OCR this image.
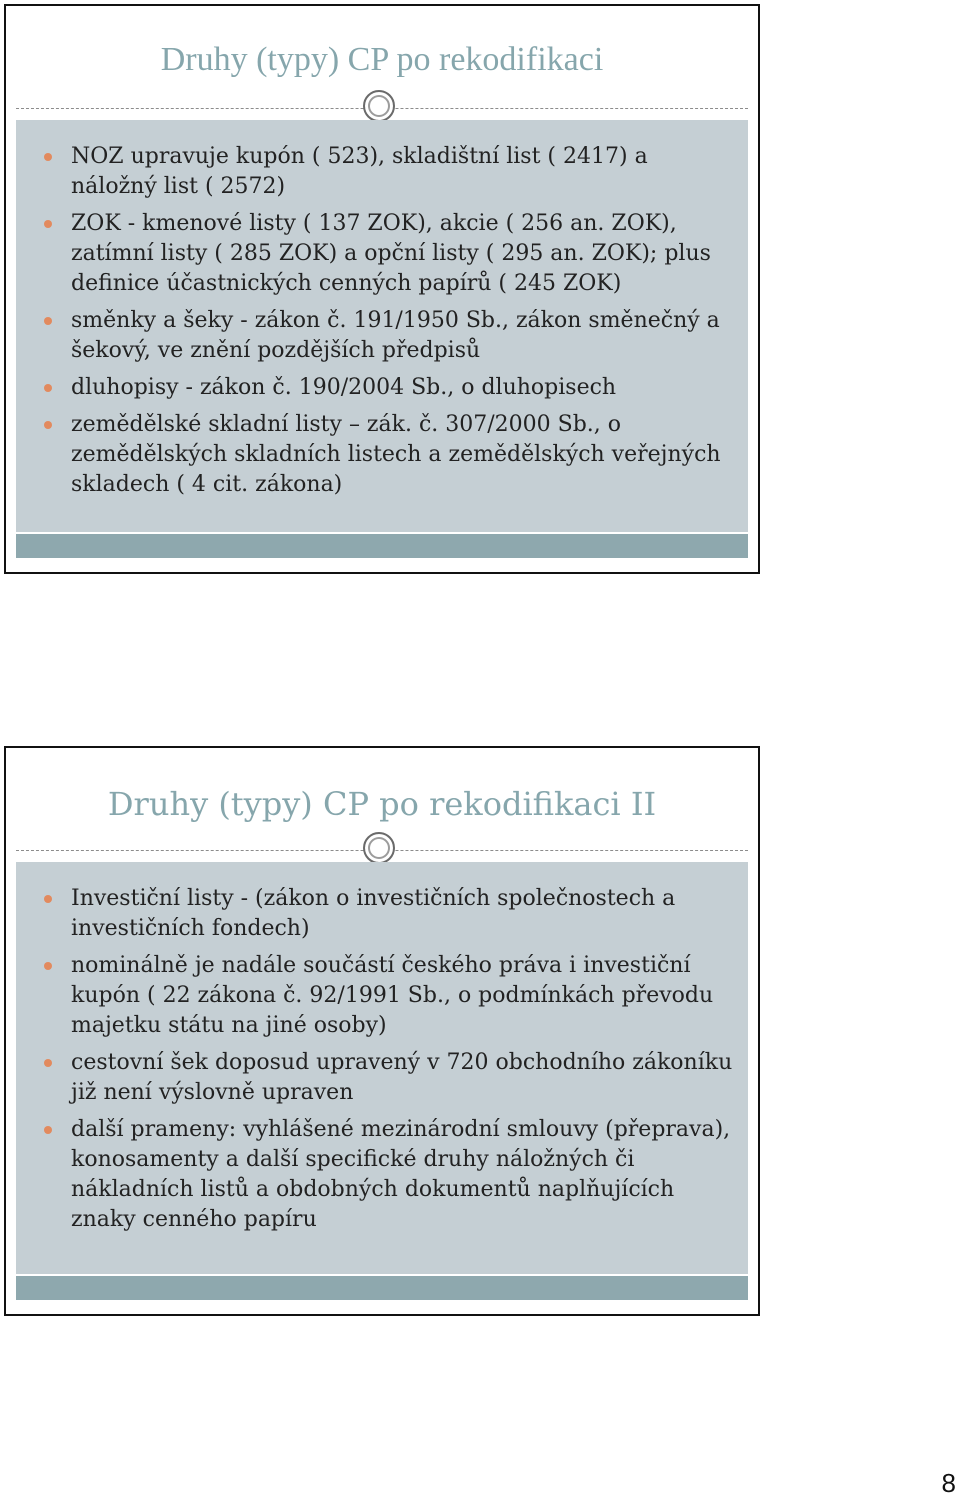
Druhy (typy) CP po rekodifikaci
NOZ upravuje kupón ( 523), skladištní list ( 2417) a náložný list ( 2572)
ZOK - kmenové listy ( 137 ZOK), akcie ( 256 an. ZOK), zatímní listy ( 285 ZOK) a opční listy ( 295 an. ZOK); plus definice účastnických cenných papírů ( 245 ZOK)
směnky a šeky - zákon č. 191/1950 Sb., zákon směnečný a šekový, ve znění pozdějších předpisů
dluhopisy - zákon č. 190/2004 Sb., o dluhopisech
zemědělské skladní listy – zák. č. 307/2000 Sb., o zemědělských skladních listech a zemědělských veřejných skladech ( 4 cit. zákona)
Druhy (typy) CP po rekodifikaci II
Investiční listy - (zákon o investičních společnostech a investičních fondech)
nominálně je nadále součástí českého práva i investiční kupón ( 22 zákona č. 92/1991 Sb., o podmínkách převodu majetku státu na jiné osoby)
cestovní šek doposud upravený v 720 obchodního zákoníku již není výslovně upraven
další prameny: vyhlášené mezinárodní smlouvy (přeprava), konosamenty a další specifické druhy náložných či nákladních listů a obdobných dokumentů naplňujících znaky cenného papíru
8
